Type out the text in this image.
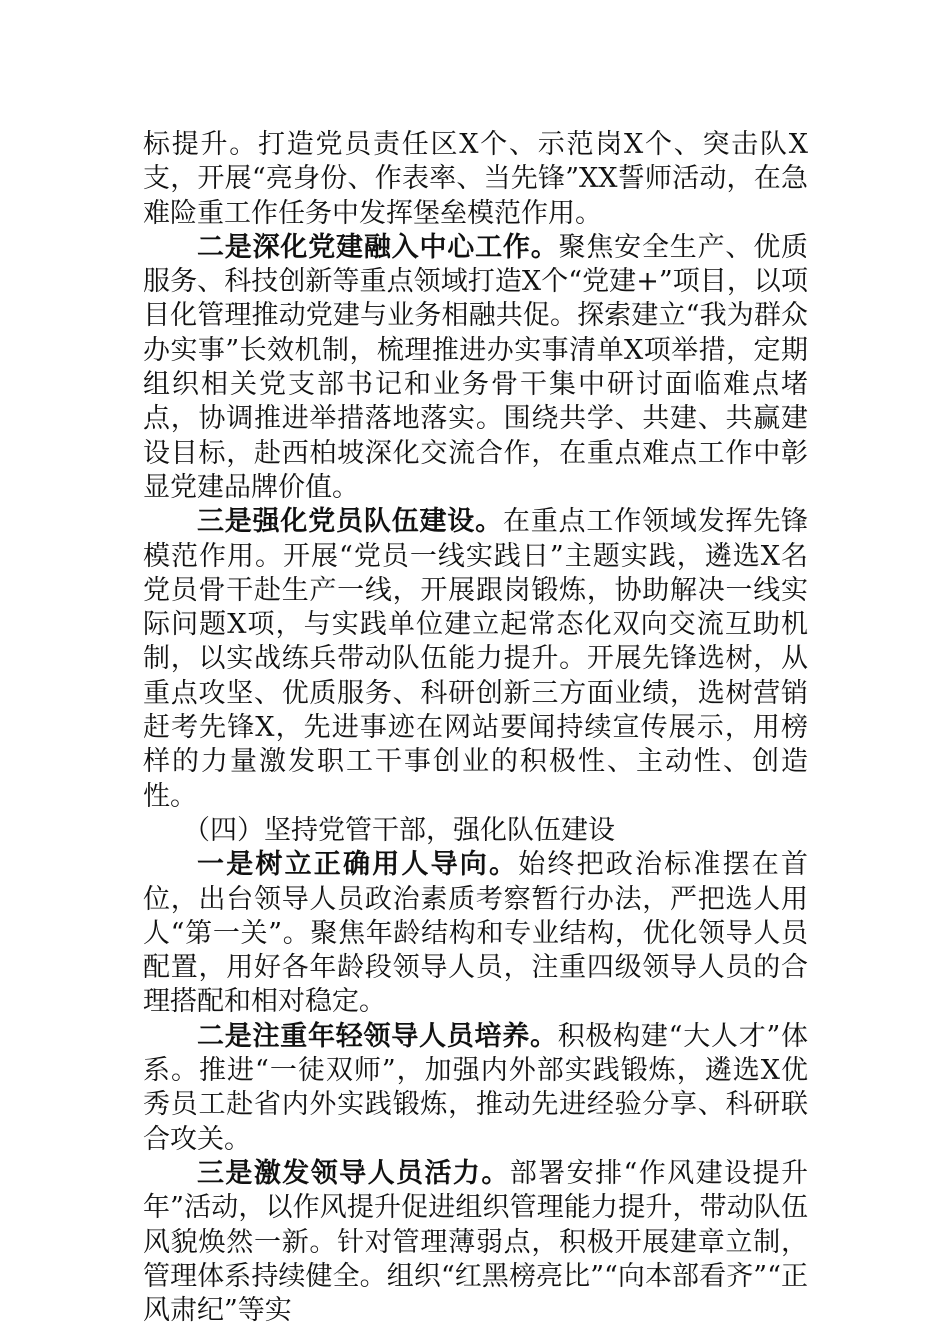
标提升。打造党员责任区X个、示范岗X个、突击队X支，开展“亮身份、作表率、当先锋”XX誓师活动，在急难险重工作任务中发挥堡垒模范作用。

二是深化党建融入中心工作。聚焦安全生产、优质服务、科技创新等重点领域打造X个“党建+”项目，以项目化管理推动党建与业务相融共促。探索建立“我为群众办实事”长效机制，梳理推进办实事清单X项举措，定期组织相关党支部书记和业务骨干集中研讨面临难点堵点，协调推进举措落地落实。围绕共学、共建、共赢建设目标，赴西柏坡深化交流合作，在重点难点工作中彰显党建品牌价值。

三是强化党员队伍建设。在重点工作领域发挥先锋模范作用。开展“党员一线实践日”主题实践，遴选X名党员骨干赴生产一线，开展跟岗锻炼，协助解决一线实际问题X项，与实践单位建立起常态化双向交流互助机制，以实战练兵带动队伍能力提升。开展先锋选树，从重点攻坚、优质服务、科研创新三方面业绩，选树营销赶考先锋X，先进事迹在网站要闻持续宣传展示，用榜样的力量激发职工干事创业的积极性、主动性、创造性。

（四）坚持党管干部，强化队伍建设

一是树立正确用人导向。始终把政治标准摆在首位，出台领导人员政治素质考察暂行办法，严把选人用人“第一关”。聚焦年龄结构和专业结构，优化领导人员配置，用好各年龄段领导人员，注重四级领导人员的合理搭配和相对稳定。

二是注重年轻领导人员培养。积极构建“大人才”体系。推进“一徒双师”，加强内外部实践锻炼，遴选X优秀员工赴省内外实践锻炼，推动先进经验分享、科研联合攻关。

三是激发领导人员活力。部署安排“作风建设提升年”活动，以作风提升促进组织管理能力提升，带动队伍风貌焕然一新。针对管理薄弱点，积极开展建章立制，管理体系持续健全。组织“红黑榜亮比”“向本部看齐”“正风肃纪”等实
